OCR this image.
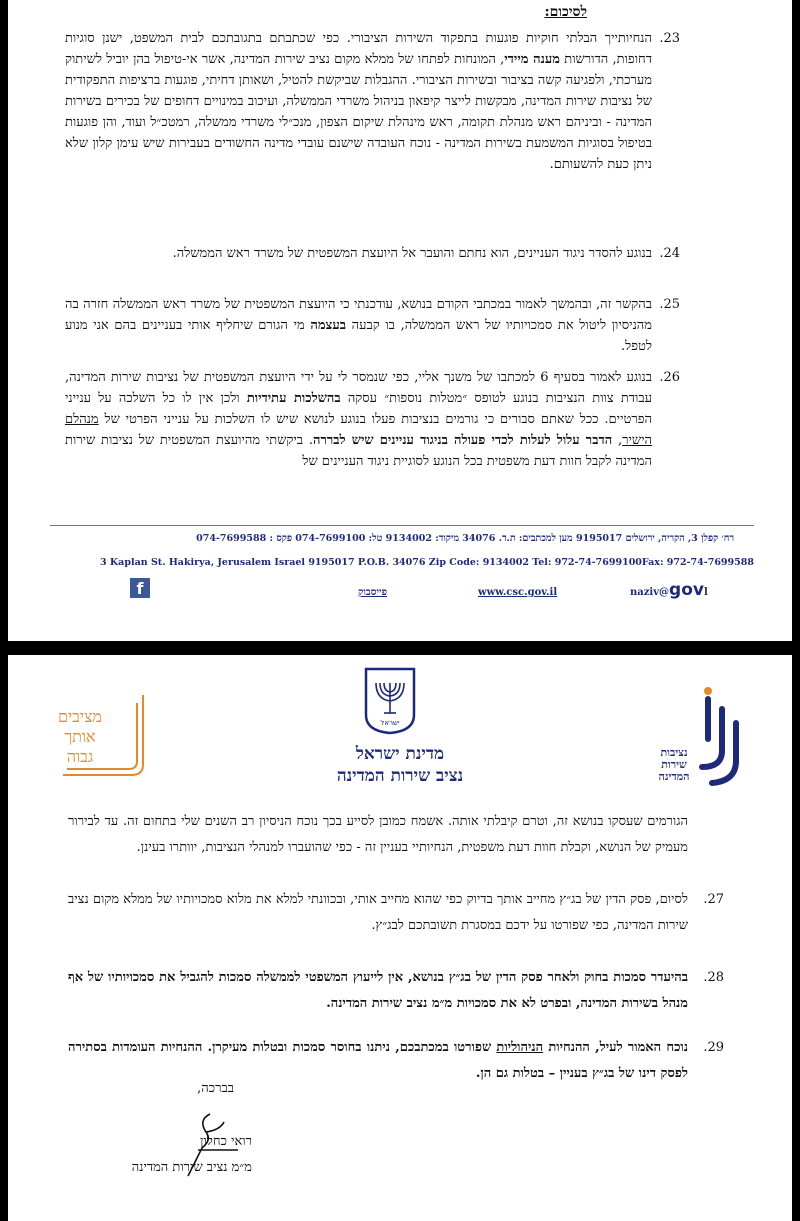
לסיכום:
23.

הנחיותייך הבלתי חוקיות פוגעות בתפקוד השירות הציבורי. כפי שכתבתם בתגובתכם לבית המשפט, ישנן סוגיות דחופות, הדורשות מענה מיידי, המונחות לפתחו של ממלא מקום נציב שירות המדינה, אשר אי-טיפול בהן יוביל לשיתוק מערכתי, ולפגיעה קשה בציבור ובשירות הציבורי. ההגבלות שביקשת להטיל, ושאותן דחיתי, פוגעות ברציפות התפקודית של נציבות שירות המדינה, מבקשות לייצר קיפאון בניהול משרדי הממשלה, ועיכוב במינויים דחופים של בכירים בשירות המדינה - וביניהם ראש מנהלת תקומה, ראש מינהלת שיקום הצפון, מנכ״לי משרדי ממשלה, רמטכ״ל ועוד, והן פוגעות בטיפול בסוגיות המשמעת בשירות המדינה - נוכח העובדה שישנם עובדי מדינה החשודים בעבירות שיש עימן קלון שלא ניתן כעת להשעותם.

24.

בנוגע להסדר ניגוד העניינים, הוא נחתם והועבר אל היועצת המשפטית של משרד ראש הממשלה.

25.

בהקשר זה, ובהמשך לאמור במכתבי הקודם בנושא, עודכנתי כי היועצת המשפטית של משרד ראש הממשלה חזרה בה מהניסיון ליטול את סמכויותיו של ראש הממשלה, בו קבעה בעצמה מי הגורם שיחליף אותי בעניינים בהם אני מנוע לטפל.

26.

בנוגע לאמור בסעיף 6 למכתבו של משנך אליי, כפי שנמסר לי על ידי היועצת המשפטית של נציבות שירות המדינה, עבודת צוות הנציבות בנוגע לטופס ״מטלות נוספות״ עסקה בהשלכות עתידיות ולכן אין לו כל השלכה על ענייני הפרטיים. ככל שאתם סבורים כי גורמים בנציבות פעלו בנוגע לנושא שיש לו השלכות על ענייני הפרטי של מנהלם הישיר, הדבר עלול לעלות לכדי פעולה בניגוד עניינים שיש לבררה. ביקשתי מהיועצת המשפטית של נציבות שירות המדינה לקבל חוות דעת משפטית בכל הנוגע לסוגיית ניגוד העניינים של

רח׳ קפלן 3, הקריה, ירושלים 9195017 מען למכתבים: ת.ד. 34076 מיקוד: 9134002 טל: 074-7699100 פקס : 074-7699588
3 Kaplan St. Hakirya, Jerusalem Israel 9195017 P.O.B. 34076 Zip Code: 9134002 Tel: 972-74-7699100Fax: 972-74-7699588
f	פייסבוק	www.csc.gov.il	naziv@govl
ישראל
מדינת ישראל
נציב שירות המדינה
נציבות
שירות
המדינה
מציבים
אותך
גבוה

הגורמים שעסקו בנושא זה, וטרם קיבלתי אותה. אשמח כמובן לסייע בכך נוכח הניסיון רב השנים שלי בתחום זה. עד לבירור מעמיק של הנושא, וקבלת חוות דעת משפטית, הנחיותיי בעניין זה - כפי שהועברו למנהלי הנציבות, יוותרו בעינן.

27.

לסיום, פסק הדין של בג״ץ מחייב אותך בדיוק כפי שהוא מחייב אותי, ובכוונתי למלא את מלוא סמכויותיו של ממלא מקום נציב שירות המדינה, כפי שפורטו על ידכם במסגרת תשובתכם לבג״ץ.

28.

בהיעדר סמכות בחוק ולאחר פסק הדין של בג״ץ בנושא, אין לייעוץ המשפטי לממשלה סמכות להגביל את סמכויותיו של אף מנהל בשירות המדינה, ובפרט לא את סמכויות מ״מ נציב שירות המדינה.

29.

נוכח האמור לעיל, ההנחיות הניהוליות שפורטו במכתבכם, ניתנו בחוסר סמכות ובטלות מעיקרן. ההנחיות העומדות בסתירה לפסק דינו של בג״ץ בעניין – בטלות גם הן.

בברכה,
רואי כחלון
מ״מ נציב שירות המדינה
